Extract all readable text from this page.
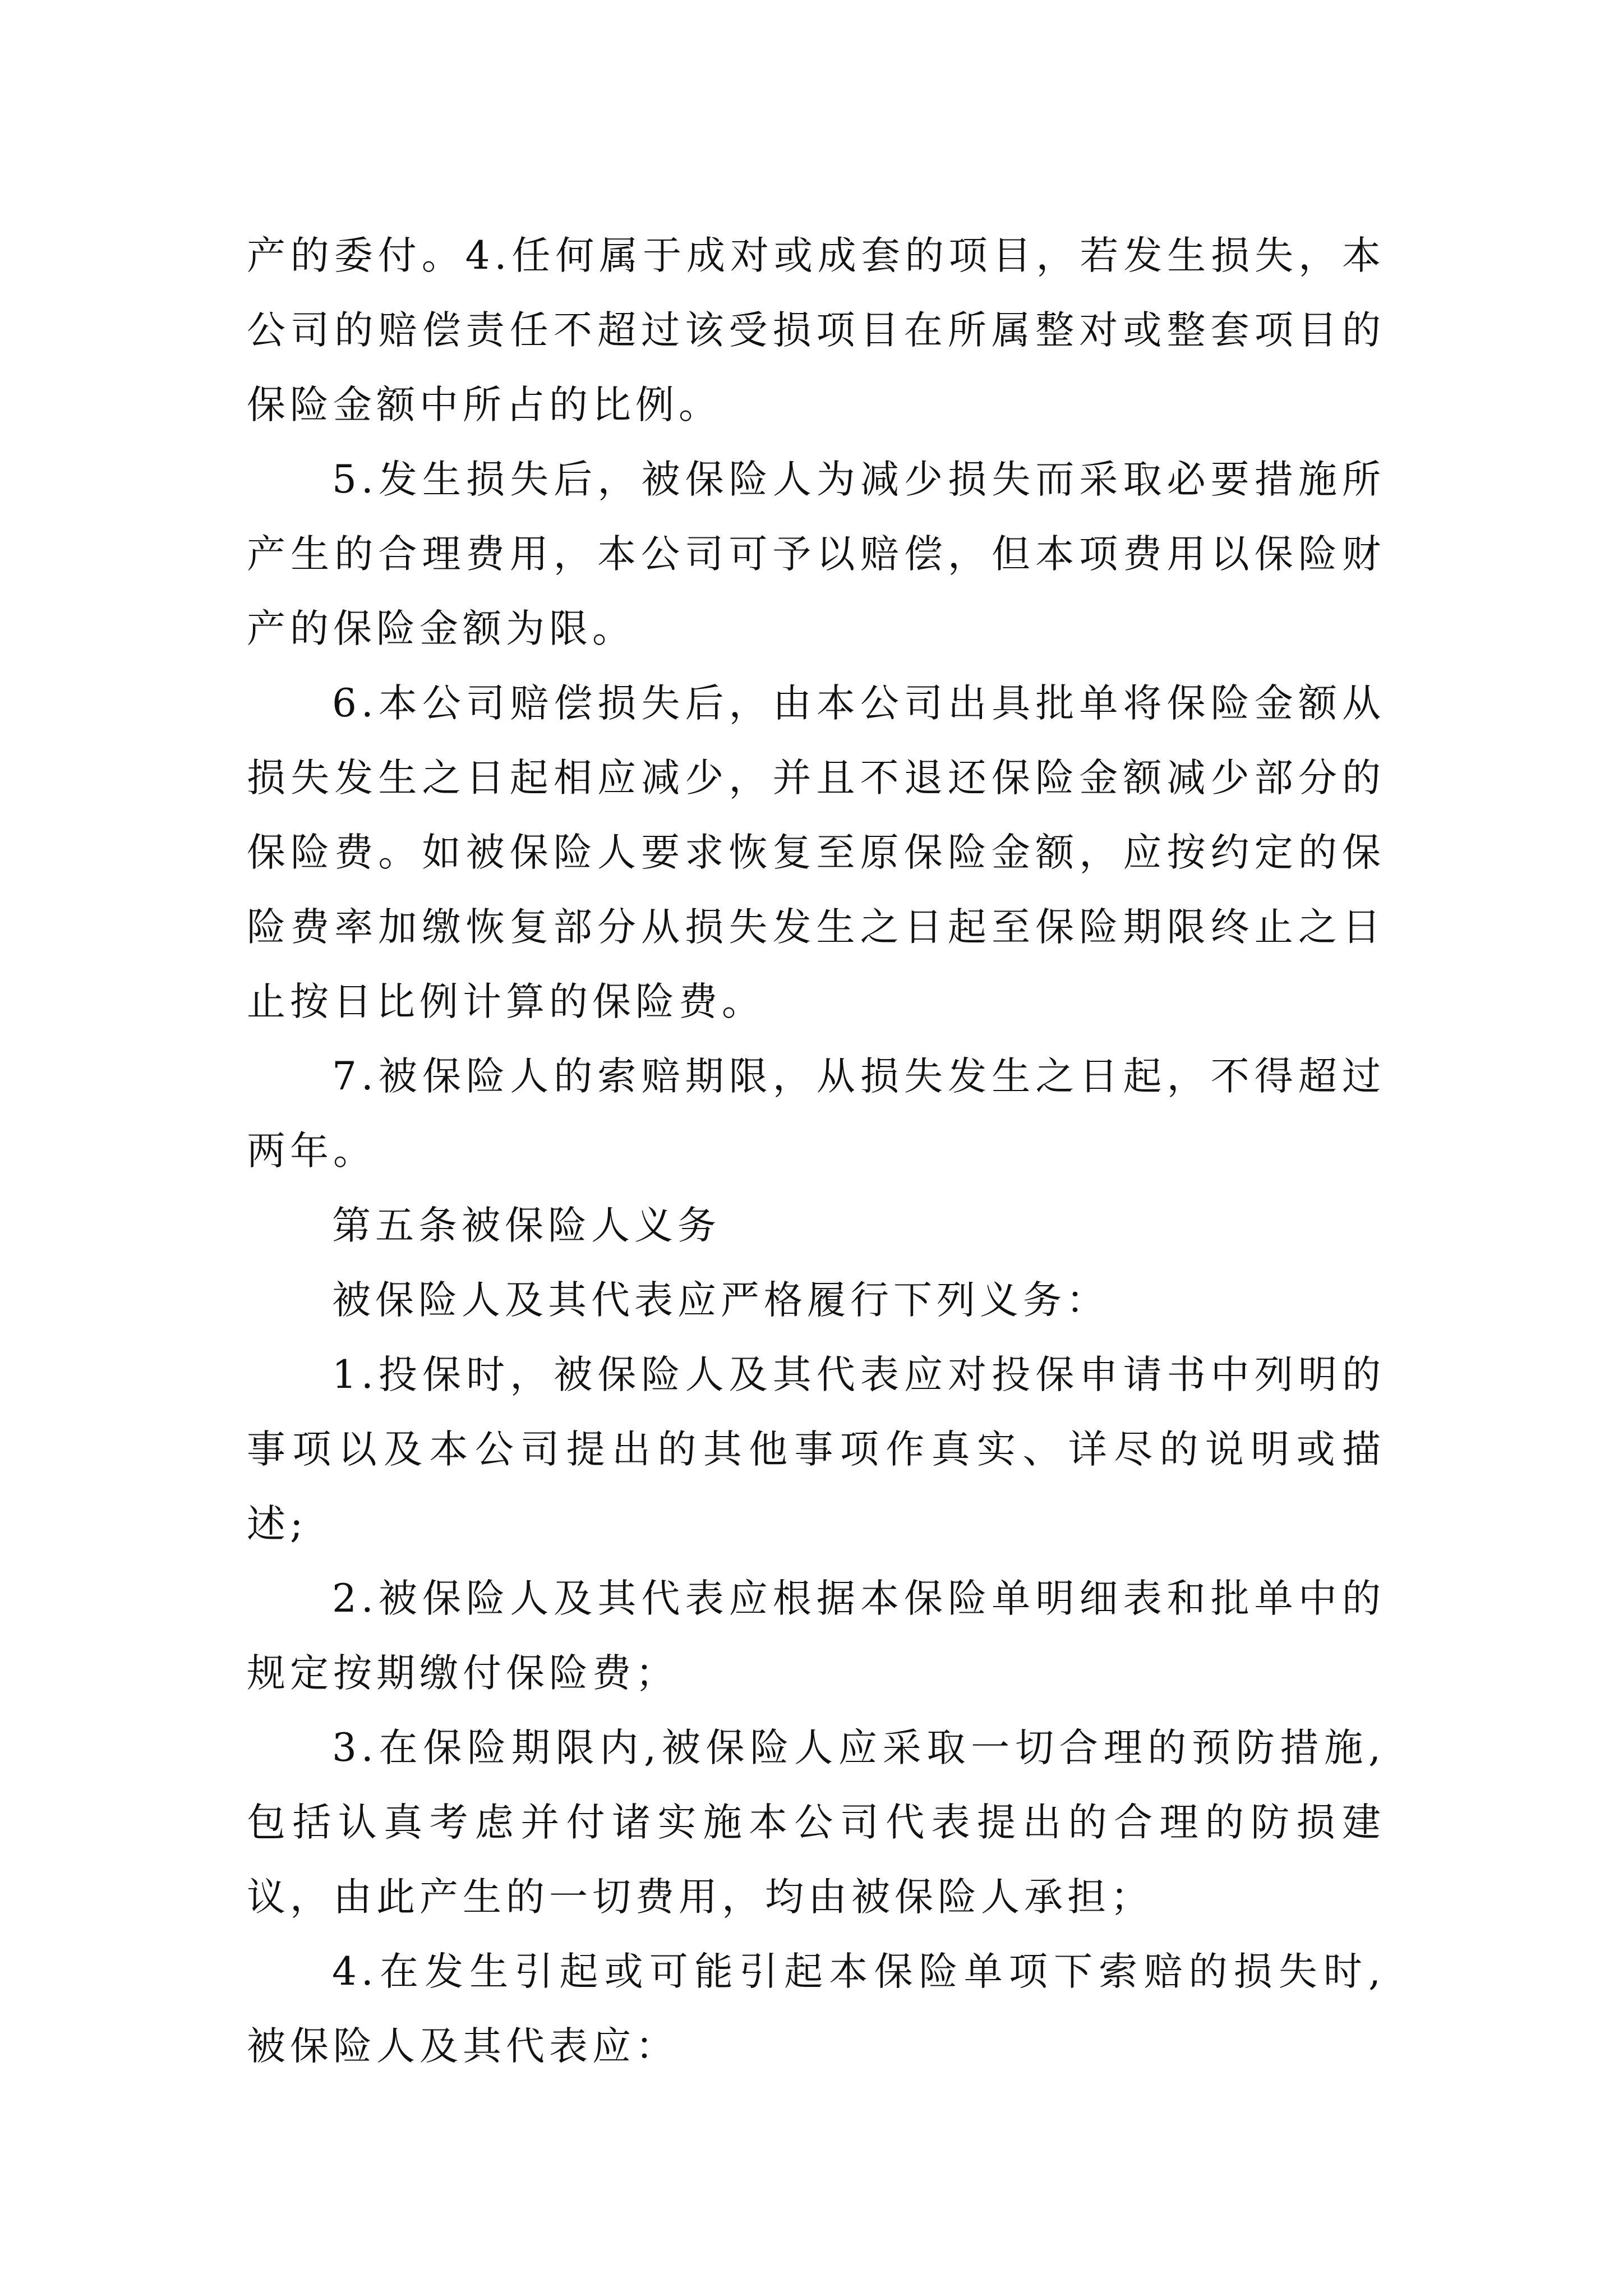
产的委付。4.任何属于成对或成套的项目，若发生损失，本公司的赔偿责任不超过该受损项目在所属整对或整套项目的保险金额中所占的比例。

5.发生损失后，被保险人为减少损失而采取必要措施所产生的合理费用，本公司可予以赔偿，但本项费用以保险财产的保险金额为限。

6.本公司赔偿损失后，由本公司出具批单将保险金额从损失发生之日起相应减少，并且不退还保险金额减少部分的保险费。如被保险人要求恢复至原保险金额，应按约定的保险费率加缴恢复部分从损失发生之日起至保险期限终止之日止按日比例计算的保险费。

7.被保险人的索赔期限，从损失发生之日起，不得超过两年。

第五条被保险人义务

被保险人及其代表应严格履行下列义务：

1.投保时，被保险人及其代表应对投保申请书中列明的事项以及本公司提出的其他事项作真实、详尽的说明或描述;

2.被保险人及其代表应根据本保险单明细表和批单中的规定按期缴付保险费；

3.在保险期限内,被保险人应采取一切合理的预防措施,包括认真考虑并付诸实施本公司代表提出的合理的防损建议，由此产生的一切费用，均由被保险人承担；

4.在发生引起或可能引起本保险单项下索赔的损失时,被保险人及其代表应：
